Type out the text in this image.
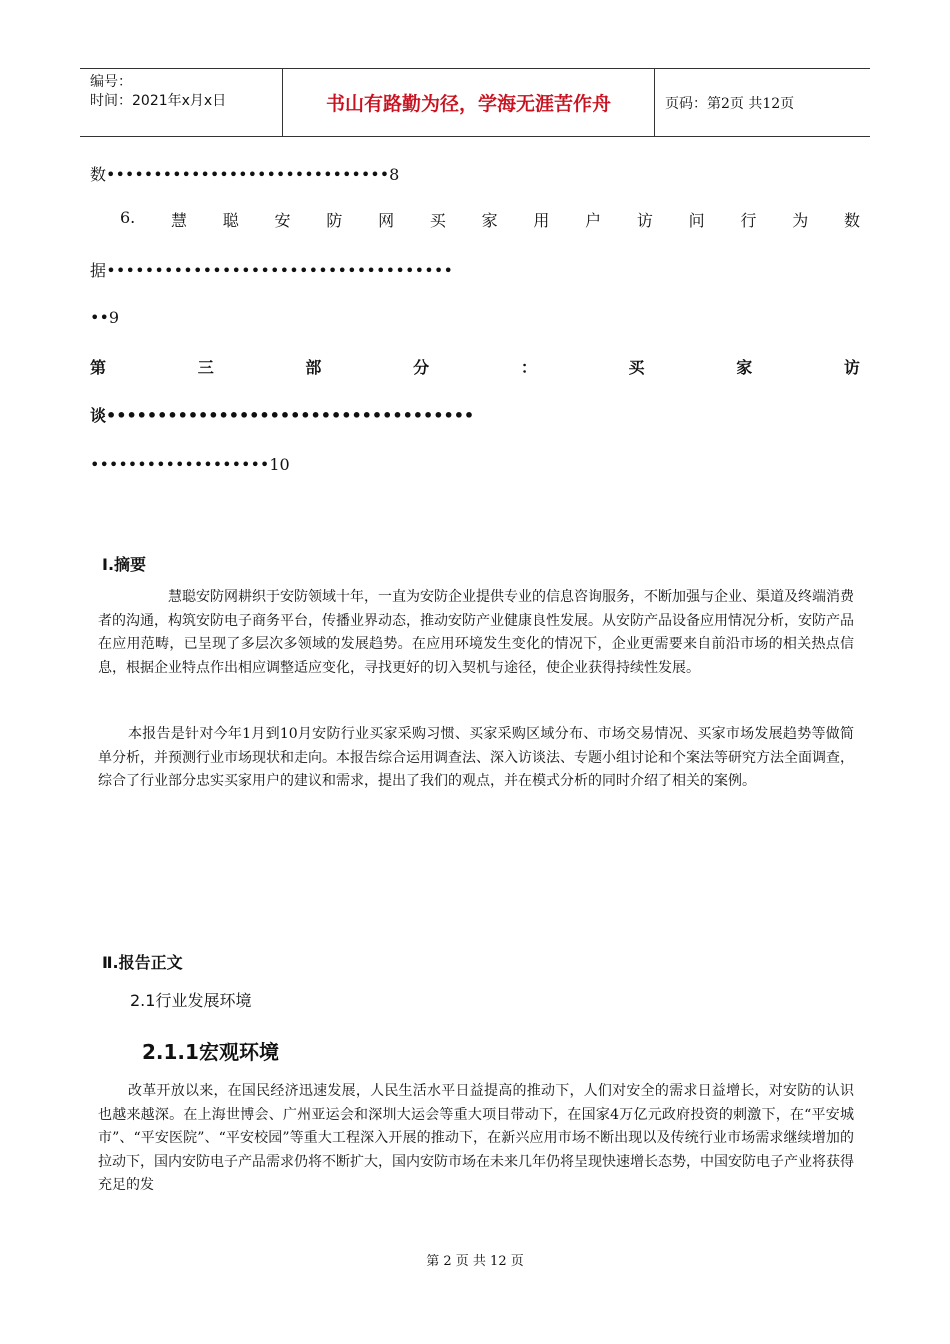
编号：
时间：2021年x月x日	书山有路勤为径，学海无涯苦作舟	页码：第2页 共12页
数••••••••••••••••••••••••••••••8
6. 慧 聪 安 防 网 买 家 用 户 访 问 行 为 数
据••••••••••••••••••••••••••••••••••••
••9
第	三	部	分	：	买	家	访
谈••••••••••••••••••••••••••••••••••••
•••••••••••••••••••10
Ⅰ.摘要
慧聪安防网耕织于安防领域十年，一直为安防企业提供专业的信息咨询服务，不断加强与企业、渠道及终端消费者的沟通，构筑安防电子商务平台，传播业界动态，推动安防产业健康良性发展。从安防产品设备应用情况分析，安防产品在应用范畴，已呈现了多层次多领域的发展趋势。在应用环境发生变化的情况下，企业更需要来自前沿市场的相关热点信息，根据企业特点作出相应调整适应变化，寻找更好的切入契机与途径，使企业获得持续性发展。
本报告是针对今年1月到10月安防行业买家采购习惯、买家采购区域分布、市场交易情况、买家市场发展趋势等做简单分析，并预测行业市场现状和走向。本报告综合运用调查法、深入访谈法、专题小组讨论和个案法等研究方法全面调查，综合了行业部分忠实买家用户的建议和需求，提出了我们的观点，并在模式分析的同时介绍了相关的案例。
Ⅱ.报告正文
2.1行业发展环境
2.1.1宏观环境
改革开放以来，在国民经济迅速发展，人民生活水平日益提高的推动下，人们对安全的需求日益增长，对安防的认识也越来越深。在上海世博会、广州亚运会和深圳大运会等重大项目带动下，在国家4万亿元政府投资的刺激下，在“平安城市”、“平安医院”、“平安校园”等重大工程深入开展的推动下，在新兴应用市场不断出现以及传统行业市场需求继续增加的拉动下，国内安防电子产品需求仍将不断扩大，国内安防市场在未来几年仍将呈现快速增长态势，中国安防电子产业将获得充足的发
第 2 页 共 12 页
